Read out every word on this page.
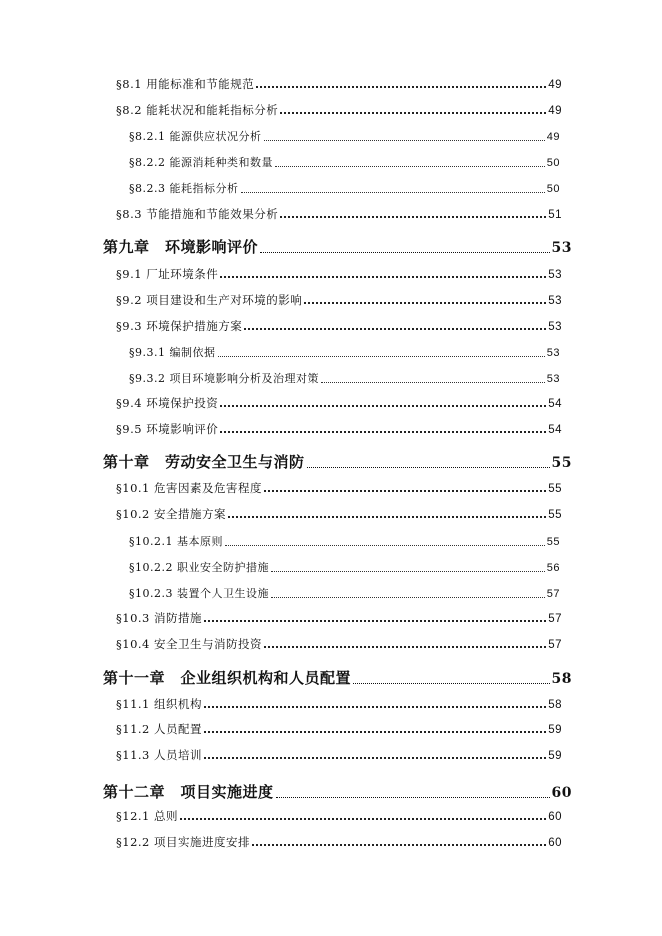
§8.1 用能标准和节能规范	49
§8.2 能耗状况和能耗指标分析	49
§8.2.1 能源供应状况分析	49
§8.2.2 能源消耗种类和数量	50
§8.2.3 能耗指标分析	50
§8.3 节能措施和节能效果分析	51
第九章　环境影响评价	53
§9.1 厂址环境条件	53
§9.2 项目建设和生产对环境的影响	53
§9.3 环境保护措施方案	53
§9.3.1 编制依据	53
§9.3.2 项目环境影响分析及治理对策	53
§9.4 环境保护投资	54
§9.5 环境影响评价	54
第十章　劳动安全卫生与消防	55
§10.1 危害因素及危害程度	55
§10.2 安全措施方案	55
§10.2.1 基本原则	55
§10.2.2 职业安全防护措施	56
§10.2.3 装置个人卫生设施	57
§10.3 消防措施	57
§10.4 安全卫生与消防投资	57
第十一章　企业组织机构和人员配置	58
§11.1 组织机构	58
§11.2 人员配置	59
§11.3 人员培训	59
第十二章　项目实施进度	60
§12.1 总则	60
§12.2 项目实施进度安排	60
